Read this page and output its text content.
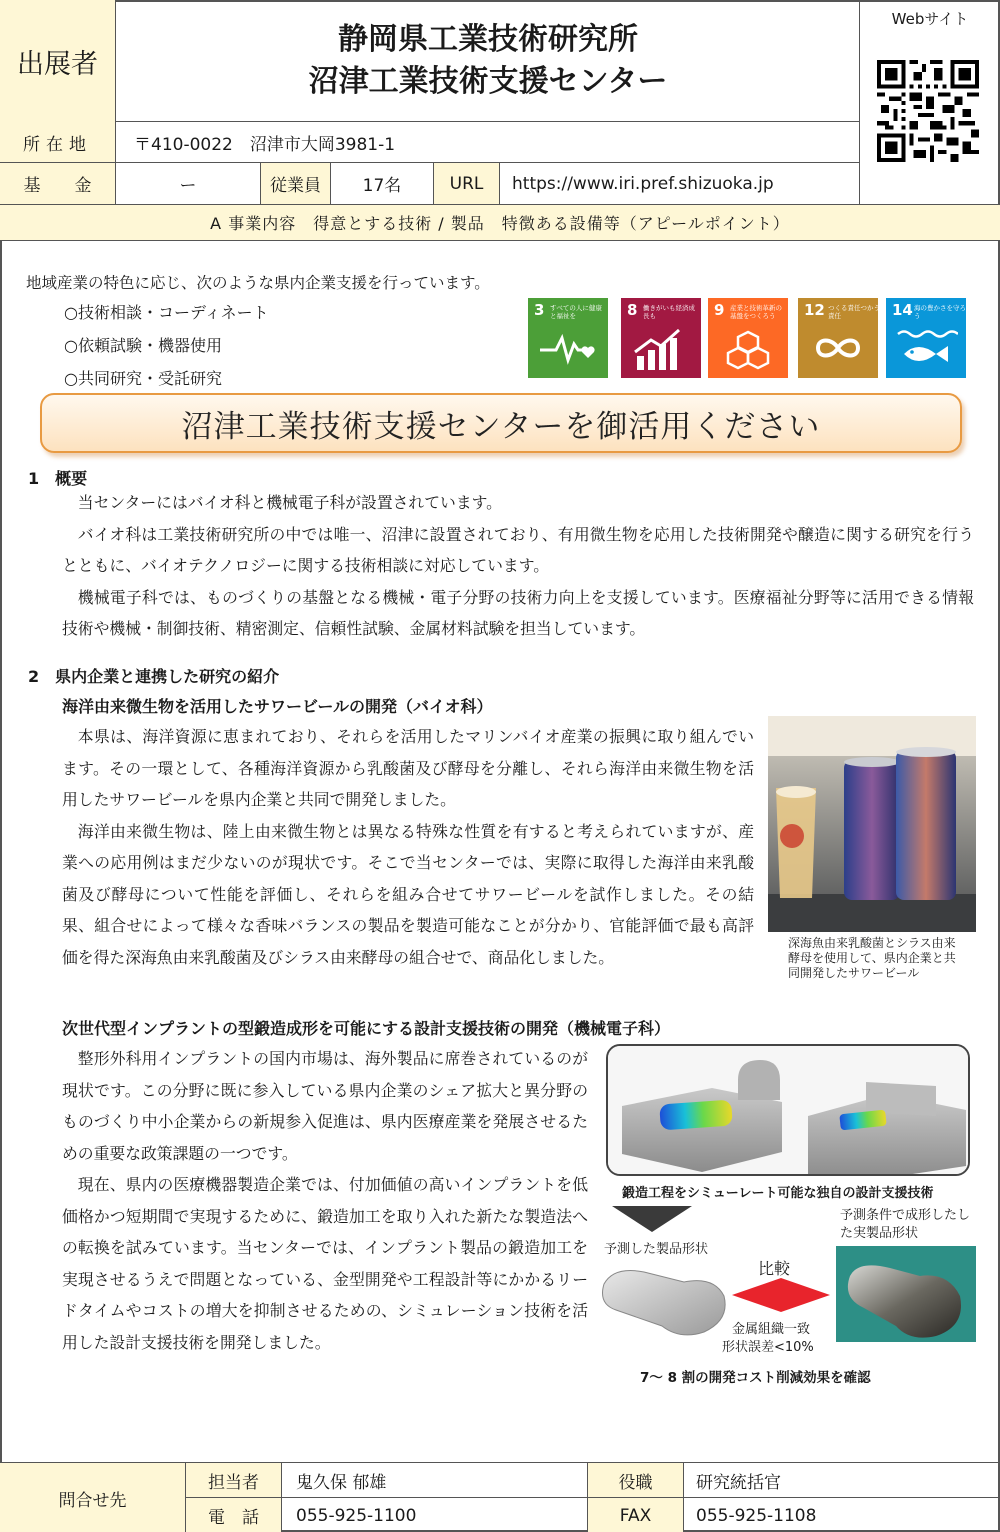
出展者
静岡県工業技術研究所
沼津工業技術支援センター
Webサイト
所在地	〒410-0022　沼津市大岡3981-1
基　　金	ー	従業員	17名	URL	https://www.iri.pref.shizuoka.jp
A 事業内容　得意とする技術 / 製品　特徴ある設備等（アピールポイント）
地域産業の特色に応じ、次のような県内企業支援を行っています。
○技術相談・コーディネート
○依頼試験・機器使用
○共同研究・受託研究
3 すべての人に健康と福祉を	8 働きがいも経済成長も	9 産業と技術革新の基盤をつくろう	12 つくる責任つかう責任	14 海の豊かさを守ろう
沼津工業技術支援センターを御活用ください
1　概要

当センターにはバイオ科と機械電子科が設置されています。

バイオ科は工業技術研究所の中では唯一、沼津に設置されており、有用微生物を応用した技術開発や醸造に関する研究を行うとともに、バイオテクノロジーに関する技術相談に対応しています。

機械電子科では、ものづくりの基盤となる機械・電子分野の技術力向上を支援しています。医療福祉分野等に活用できる情報技術や機械・制御技術、精密測定、信頼性試験、金属材料試験を担当しています。

2　県内企業と連携した研究の紹介
海洋由来微生物を活用したサワービールの開発（バイオ科）

本県は、海洋資源に恵まれており、それらを活用したマリンバイオ産業の振興に取り組んでいます。その一環として、各種海洋資源から乳酸菌及び酵母を分離し、それら海洋由来微生物を活用したサワービールを県内企業と共同で開発しました。

海洋由来微生物は、陸上由来微生物とは異なる特殊な性質を有すると考えられていますが、産業への応用例はまだ少ないのが現状です。そこで当センターでは、実際に取得した海洋由来乳酸菌及び酵母について性能を評価し、それらを組み合せてサワービールを試作しました。その結果、組合せによって様々な香味バランスの製品を製造可能なことが分かり、官能評価で最も高評価を得た深海魚由来乳酸菌及びシラス由来酵母の組合せで、商品化しました。

深海魚由来乳酸菌とシラス由来酵母を使用して、県内企業と共同開発したサワービール
次世代型インプラントの型鍛造成形を可能にする設計支援技術の開発（機械電子科）

整形外科用インプラントの国内市場は、海外製品に席巻されているのが現状です。この分野に既に参入している県内企業のシェア拡大と異分野のものづくり中小企業からの新規参入促進は、県内医療産業を発展させるための重要な政策課題の一つです。

現在、県内の医療機器製造企業では、付加価値の高いインプラントを低価格かつ短期間で実現するために、鍛造加工を取り入れた新たな製造法への転換を試みています。当センターでは、インプラント製品の鍛造加工を実現させるうえで問題となっている、金型開発や工程設計等にかかるリードタイムやコストの増大を抑制させるための、シミュレーション技術を活用した設計支援技術を開発しました。

鍛造工程をシミューレート可能な独自の設計支援技術
予測した製品形状
予測条件で成形したした実製品形状
比較
金属組織一致
形状誤差<10%
7～ 8 割の開発コスト削減効果を確認
問合せ先
担当者	鬼久保 郁雄	役職	研究統括官
電　話	055-925-1100	FAX	055-925-1108
